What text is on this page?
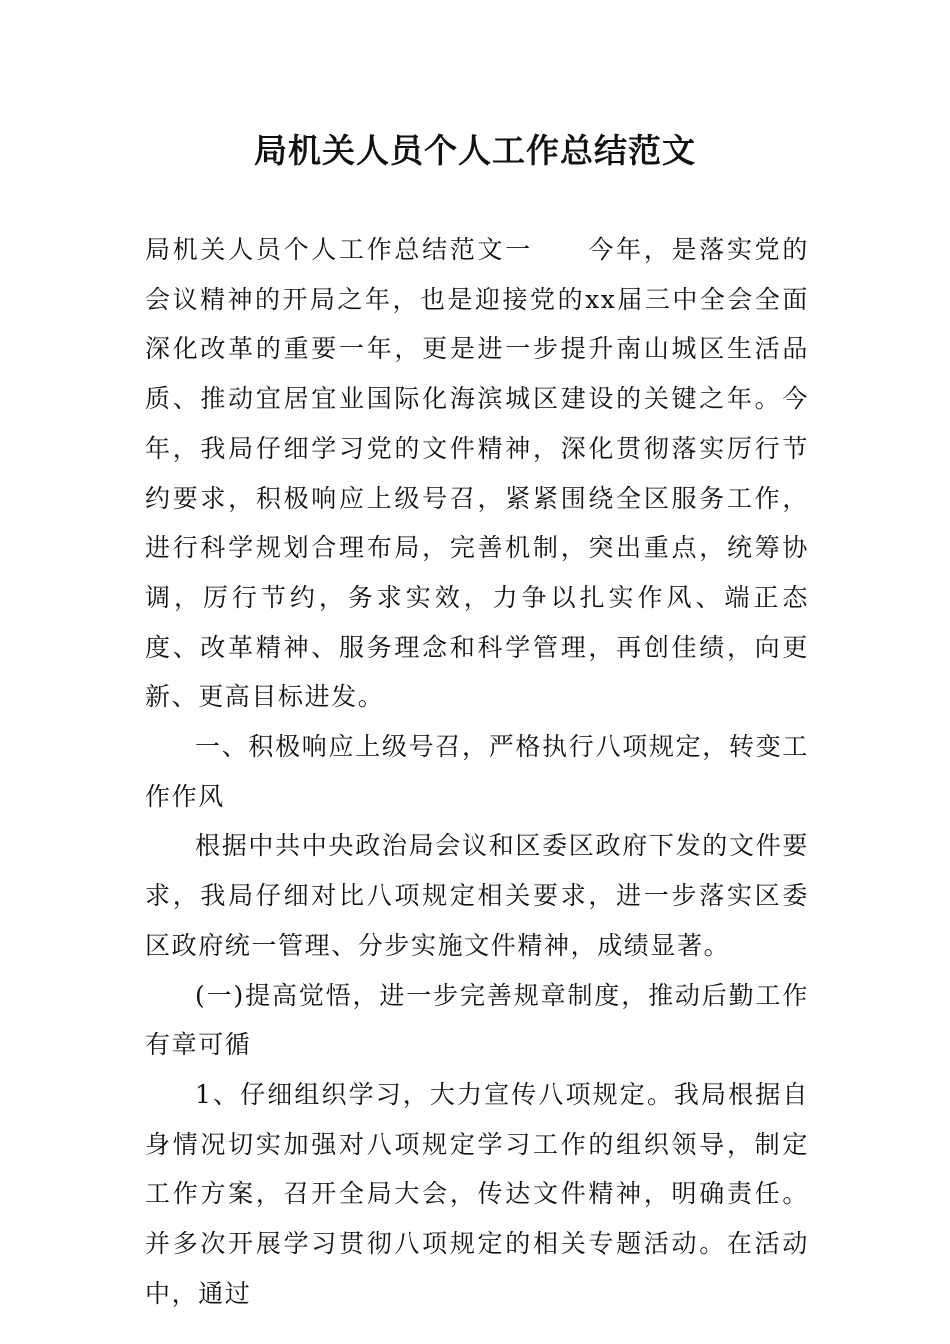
局机关人员个人工作总结范文

局机关人员个人工作总结范文一　　今年，是落实党的会议精神的开局之年，也是迎接党的xx届三中全会全面深化改革的重要一年，更是进一步提升南山城区生活品质、推动宜居宜业国际化海滨城区建设的关键之年。今年，我局仔细学习党的文件精神，深化贯彻落实厉行节约要求，积极响应上级号召，紧紧围绕全区服务工作，进行科学规划合理布局，完善机制，突出重点，统筹协调，厉行节约，务求实效，力争以扎实作风、端正态度、改革精神、服务理念和科学管理，再创佳绩，向更新、更高目标进发。

一、积极响应上级号召，严格执行八项规定，转变工作作风

根据中共中央政治局会议和区委区政府下发的文件要求，我局仔细对比八项规定相关要求，进一步落实区委区政府统一管理、分步实施文件精神，成绩显著。

(一)提高觉悟，进一步完善规章制度，推动后勤工作有章可循

1、仔细组织学习，大力宣传八项规定。我局根据自身情况切实加强对八项规定学习工作的组织领导，制定工作方案，召开全局大会，传达文件精神，明确责任。并多次开展学习贯彻八项规定的相关专题活动。在活动中，通过
